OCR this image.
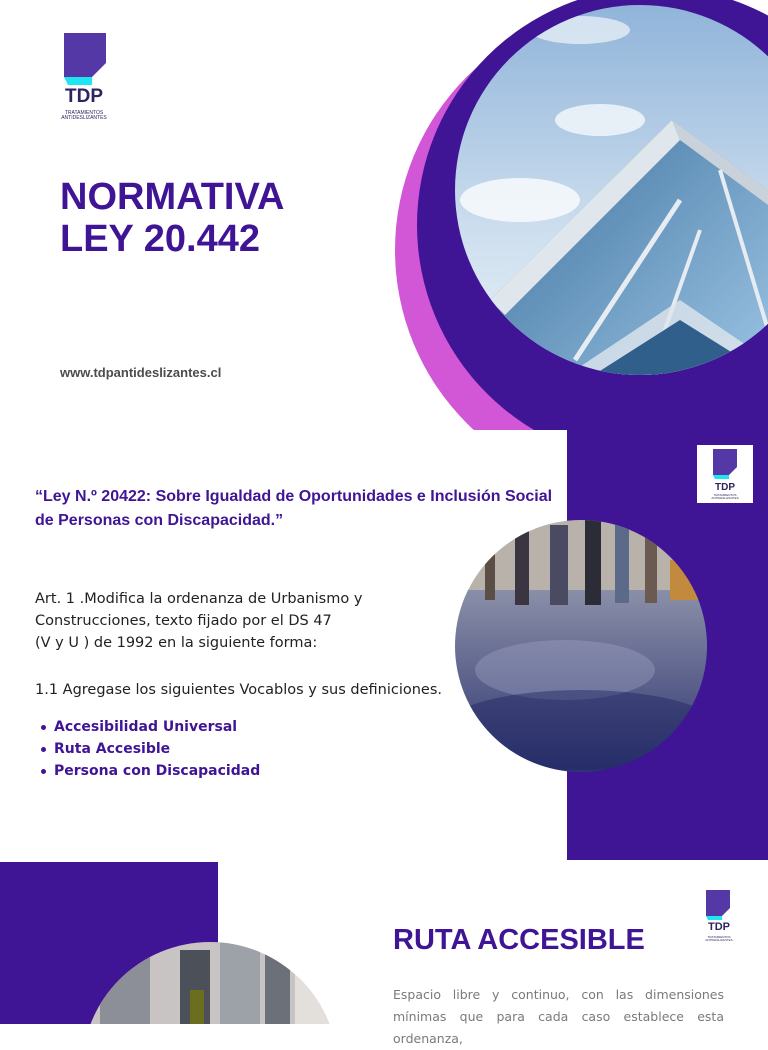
TDP
TRATAMIENTOS ANTIDESLIZANTES
NORMATIVA
LEY 20.442
www.tdpantideslizantes.cl
TDP
TRATAMIENTOS ANTIDESLIZANTES

“Ley N.º 20422: Sobre Igualdad de Oportunidades e Inclusión Social de Personas con Discapacidad.”

Art. 1 .Modifica la ordenanza de Urbanismo y
Construcciones, texto fijado por el DS 47
(V y U ) de 1992 en la siguiente forma:

1.1 Agregase los siguientes Vocablos y sus definiciones.

Accesibilidad Universal
Ruta Accesible
Persona con Discapacidad
TDP
TRATAMIENTOS ANTIDESLIZANTES
RUTA ACCESIBLE

Espacio libre y continuo, con las dimensiones mínimas que para cada caso establece esta ordenanza,
